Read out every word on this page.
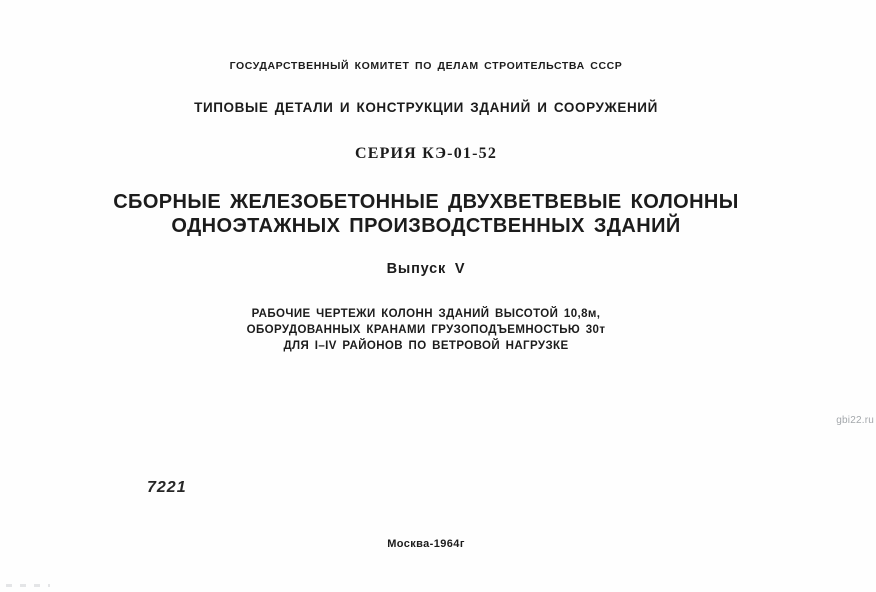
ГОСУДАРСТВЕННЫЙ КОМИТЕТ ПО ДЕЛАМ СТРОИТЕЛЬСТВА СССР
ТИПОВЫЕ ДЕТАЛИ И КОНСТРУКЦИИ ЗДАНИЙ И СООРУЖЕНИЙ
СЕРИЯ КЭ-01-52
СБОРНЫЕ ЖЕЛЕЗОБЕТОННЫЕ ДВУХВЕТВЕВЫЕ КОЛОННЫ
ОДНОЭТАЖНЫХ ПРОИЗВОДСТВЕННЫХ ЗДАНИЙ
Выпуск V
РАБОЧИЕ ЧЕРТЕЖИ КОЛОНН ЗДАНИЙ ВЫСОТОЙ 10,8м,
ОБОРУДОВАННЫХ КРАНАМИ ГРУЗОПОДЪЕМНОСТЬЮ 30т
ДЛЯ I–IV РАЙОНОВ ПО ВЕТРОВОЙ НАГРУЗКЕ
gbi22.ru
7221
Москва-1964г
